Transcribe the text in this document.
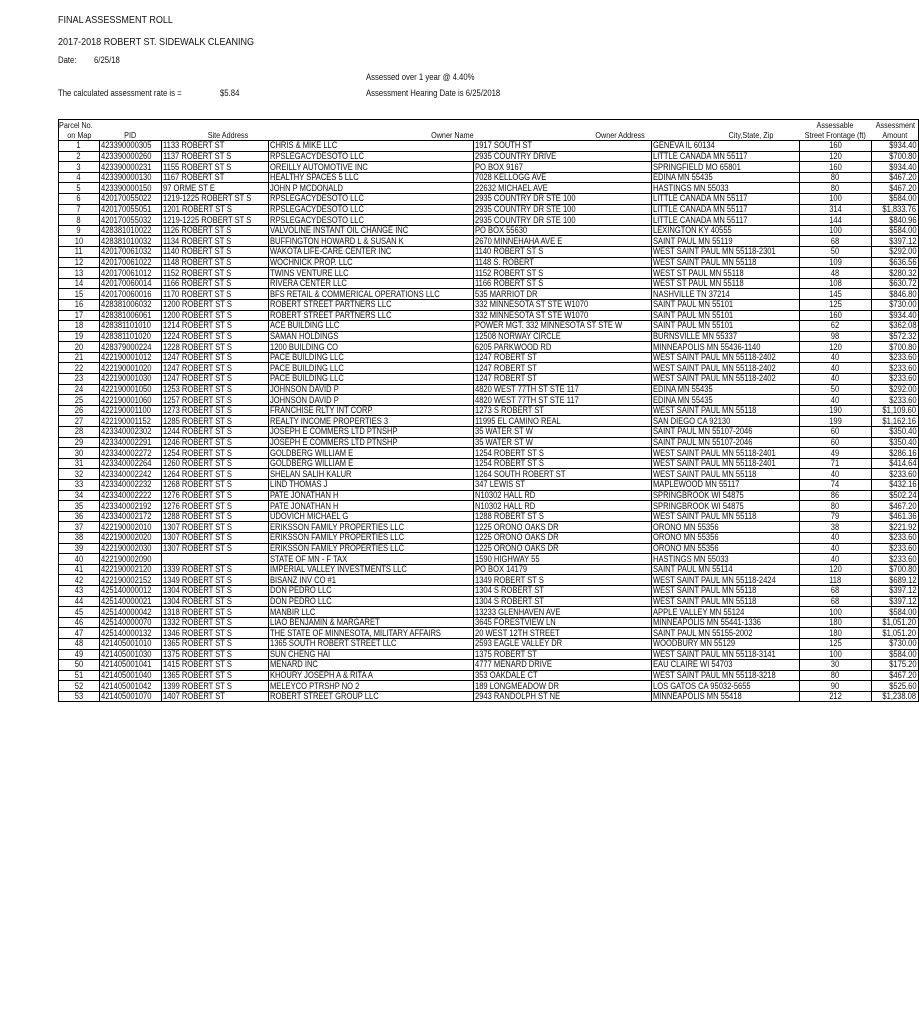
FINAL ASSESSMENT ROLL
2017-2018 ROBERT ST. SIDEWALK CLEANING
Date: 6/25/18
Assessed over 1 year @ 4.40%
The calculated assessment rate is =	$5.84	Assessment Hearing Date is 6/25/2018
Parcel No.						Assessable	Assessment
on Map	PID	Site Address	Owner Name	Owner Address	City,State, Zip	Street Frontage (ft)	Amount
1	423390000305	1133 ROBERT ST	CHRIS & MIKE LLC	1917 SOUTH ST	GENEVA IL 60134	160	$934.40
2	423390000260	1137 ROBERT ST S	RPSLEGACYDESOTO LLC	2935 COUNTRY DRIVE	LITTLE CANADA MN 55117	120	$700.80
3	423390000231	1155 ROBERT ST S	OREILLY AUTOMOTIVE INC	PO BOX 9167	SPRINGFIELD MO 65801	160	$934.40
4	423390000130	1167 ROBERT ST	HEALTHY SPACES 5 LLC	7028 KELLOGG AVE	EDINA MN 55435	80	$467.20
5	423390000150	97 ORME ST E	JOHN P MCDONALD	22632 MICHAEL AVE	HASTINGS MN 55033	80	$467.20
6	420170055022	1219-1225 ROBERT ST S	RPSLEGACYDESOTO LLC	2935 COUNTRY DR STE 100	LITTLE CANADA MN 55117	100	$584.00
7	420170055051	1201 ROBERT ST S	RPSLEGACYDESOTO LLC	2935 COUNTRY DR STE 100	LITTLE CANADA MN 55117	314	$1,833.76
8	420170055032	1219-1225 ROBERT ST S	RPSLEGACYDESOTO LLC	2935 COUNTRY DR STE 100	LITTLE CANADA MN 55117	144	$840.96
9	428381010022	1126 ROBERT ST S	VALVOLINE INSTANT OIL CHANGE INC	PO BOX 55630	LEXINGTON KY 40555	100	$584.00
10	428381010032	1134 ROBERT ST S	BUFFINGTON HOWARD L & SUSAN K	2670 MINNEHAHA AVE E	SAINT PAUL MN 55119	68	$397.12
11	420170061032	1140 ROBERT ST S	WAKOTA LIFE-CARE CENTER INC	1140 ROBERT ST S	WEST SAINT PAUL MN 55118-2301	50	$292.00
12	420170061022	1148 ROBERT ST S	WOCHNICK PROP. LLC	1148 S. ROBERT	WEST SAINT PAUL MN 55118	109	$636.56
13	420170061012	1152 ROBERT ST S	TWINS VENTURE LLC	1152 ROBERT ST S	WEST ST PAUL MN 55118	48	$280.32
14	420170060014	1166 ROBERT ST S	RIVERA CENTER LLC	1166 ROBERT ST S	WEST ST PAUL MN 55118	108	$630.72
15	420170060016	1170 ROBERT ST S	BFS RETAIL & COMMERICAL OPERATIONS LLC	535 MARRIOT DR	NASHVILLE TN 37214	145	$846.80
16	428381006032	1200 ROBERT ST S	ROBERT STREET PARTNERS LLC	332 MINNESOTA ST STE W1070	SAINT PAUL MN 55101	125	$730.00
17	428381006061	1200 ROBERT ST S	ROBERT STREET PARTNERS LLC	332 MINNESOTA ST STE W1070	SAINT PAUL MN 55101	160	$934.40
18	428381101010	1214 ROBERT ST S	ACE BUILDING LLC	POWER MGT. 332 MINNESOTA ST STE W	SAINT PAUL MN 55101	62	$362.08
19	428381101020	1224 ROBERT ST S	SAMAN HOLDINGS	12508 NORWAY CIRCLE	BURNSVILLE MN 55337	98	$572.32
20	428379000224	1228 ROBERT ST S	1200 BUILDING CO	6205 PARKWOOD RD	MINNEAPOLIS MN 55436-1140	120	$700.80
21	422190001012	1247 ROBERT ST S	PACE BUILDING LLC	1247 ROBERT ST	WEST SAINT PAUL MN 55118-2402	40	$233.60
22	422190001020	1247 ROBERT ST S	PACE BUILDING LLC	1247 ROBERT ST	WEST SAINT PAUL MN 55118-2402	40	$233.60
23	422190001030	1247 ROBERT ST S	PACE BUILDING LLC	1247 ROBERT ST	WEST SAINT PAUL MN 55118-2402	40	$233.60
24	422190001050	1253 ROBERT ST S	JOHNSON DAVID P	4820 WEST 77TH ST STE 117	EDINA MN 55435	50	$292.00
25	422190001060	1257 ROBERT ST S	JOHNSON DAVID P	4820 WEST 77TH ST STE 117	EDINA MN 55435	40	$233.60
26	422190001100	1273 ROBERT ST S	FRANCHISE RLTY INT CORP	1273 S ROBERT ST	WEST SAINT PAUL MN 55118	190	$1,109.60
27	422190001152	1285 ROBERT ST S	REALTY INCOME PROPERTIES 3	11995 EL CAMINO REAL	SAN DIEGO CA 92130	199	$1,162.16
28	423340002302	1244 ROBERT ST S	JOSEPH E COMMERS LTD PTNSHP	35 WATER ST W	SAINT PAUL MN 55107-2046	60	$350.40
29	423340002291	1246 ROBERT ST S	JOSEPH E COMMERS LTD PTNSHP	35 WATER ST W	SAINT PAUL MN 55107-2046	60	$350.40
30	423340002272	1254 ROBERT ST S	GOLDBERG WILLIAM E	1254 ROBERT ST S	WEST SAINT PAUL MN 55118-2401	49	$286.16
31	423340002264	1260 ROBERT ST S	GOLDBERG WILLIAM E	1254 ROBERT ST S	WEST SAINT PAUL MN 55118-2401	71	$414.64
32	423340002242	1264 ROBERT ST S	SHELAN SALIH KALUR	1264 SOUTH ROBERT ST	WEST SAINT PAUL MN 55118	40	$233.60
33	423340002232	1268 ROBERT ST S	LIND THOMAS J	347 LEWIS ST	MAPLEWOOD MN 55117	74	$432.16
34	423340002222	1276 ROBERT ST S	PATE JONATHAN H	N10302 HALL RD	SPRINGBROOK WI 54875	86	$502.24
35	423340002192	1276 ROBERT ST S	PATE JONATHAN H	N10302 HALL RD	SPRINGBROOK WI 54875	80	$467.20
36	423340002172	1288 ROBERT ST S	UDOVICH MICHAEL G	1288 ROBERT ST S	WEST SAINT PAUL MN 55118	79	$461.36
37	422190002010	1307 ROBERT ST S	ERIKSSON FAMILY PROPERTIES LLC	1225 ORONO OAKS DR	ORONO MN 55356	38	$221.92
38	422190002020	1307 ROBERT ST S	ERIKSSON FAMILY PROPERTIES LLC	1225 ORONO OAKS DR	ORONO MN 55356	40	$233.60
39	422190002030	1307 ROBERT ST S	ERIKSSON FAMILY PROPERTIES LLC	1225 ORONO OAKS DR	ORONO MN 55356	40	$233.60
40	422190002090		STATE OF MN - F TAX	1590 HIGHWAY 55	HASTINGS MN 55033	40	$233.60
41	422190002120	1339 ROBERT ST S	IMPERIAL VALLEY INVESTMENTS LLC	PO BOX 14179	SAINT PAUL MN 55114	120	$700.80
42	422190002152	1349 ROBERT ST S	BISANZ INV CO #1	1349 ROBERT ST S	WEST SAINT PAUL MN 55118-2424	118	$689.12
43	425140000012	1304 ROBERT ST S	DON PEDRO LLC	1304 S ROBERT ST	WEST SAINT PAUL MN 55118	68	$397.12
44	425140000021	1304 ROBERT ST S	DON PEDRO LLC	1304 S ROBERT ST	WEST SAINT PAUL MN 55118	68	$397.12
45	425140000042	1318 ROBERT ST S	MANBIR LLC	13233 GLENHAVEN AVE	APPLE VALLEY MN 55124	100	$584.00
46	425140000070	1332 ROBERT ST S	LIAO BENJAMIN & MARGARET	3645 FORESTVIEW LN	MINNEAPOLIS MN 55441-1336	180	$1,051.20
47	425140000132	1346 ROBERT ST S	THE STATE OF MINNESOTA, MILITARY AFFAIRS	20 WEST 12TH STREET	SAINT PAUL MN 55155-2002	180	$1,051.20
48	421405001010	1365 ROBERT ST S	1365 SOUTH ROBERT STREET LLC	2593 EAGLE VALLEY DR	WOODBURY MN 55129	125	$730.00
49	421405001030	1375 ROBERT ST S	SUN CHENG HAI	1375 ROBERT ST	WEST SAINT PAUL MN 55118-3141	100	$584.00
50	421405001041	1415 ROBERT ST S	MENARD INC	4777 MENARD DRIVE	EAU CLAIRE WI 54703	30	$175.20
51	421405001040	1365 ROBERT ST S	KHOURY JOSEPH A & RITA A	353 OAKDALE CT	WEST SAINT PAUL MN 55118-3218	80	$467.20
52	421405001042	1399 ROBERT ST S	MELEYCO PTRSHP NO 2	189 LONGMEADOW DR	LOS GATOS CA 95032-5655	90	$525.60
53	421405001070	1407 ROBERT ST	ROBERT STREET GROUP LLC	2943 RANDOLPH ST NE	MINNEAPOLIS MN 55418	212	$1,238.08
